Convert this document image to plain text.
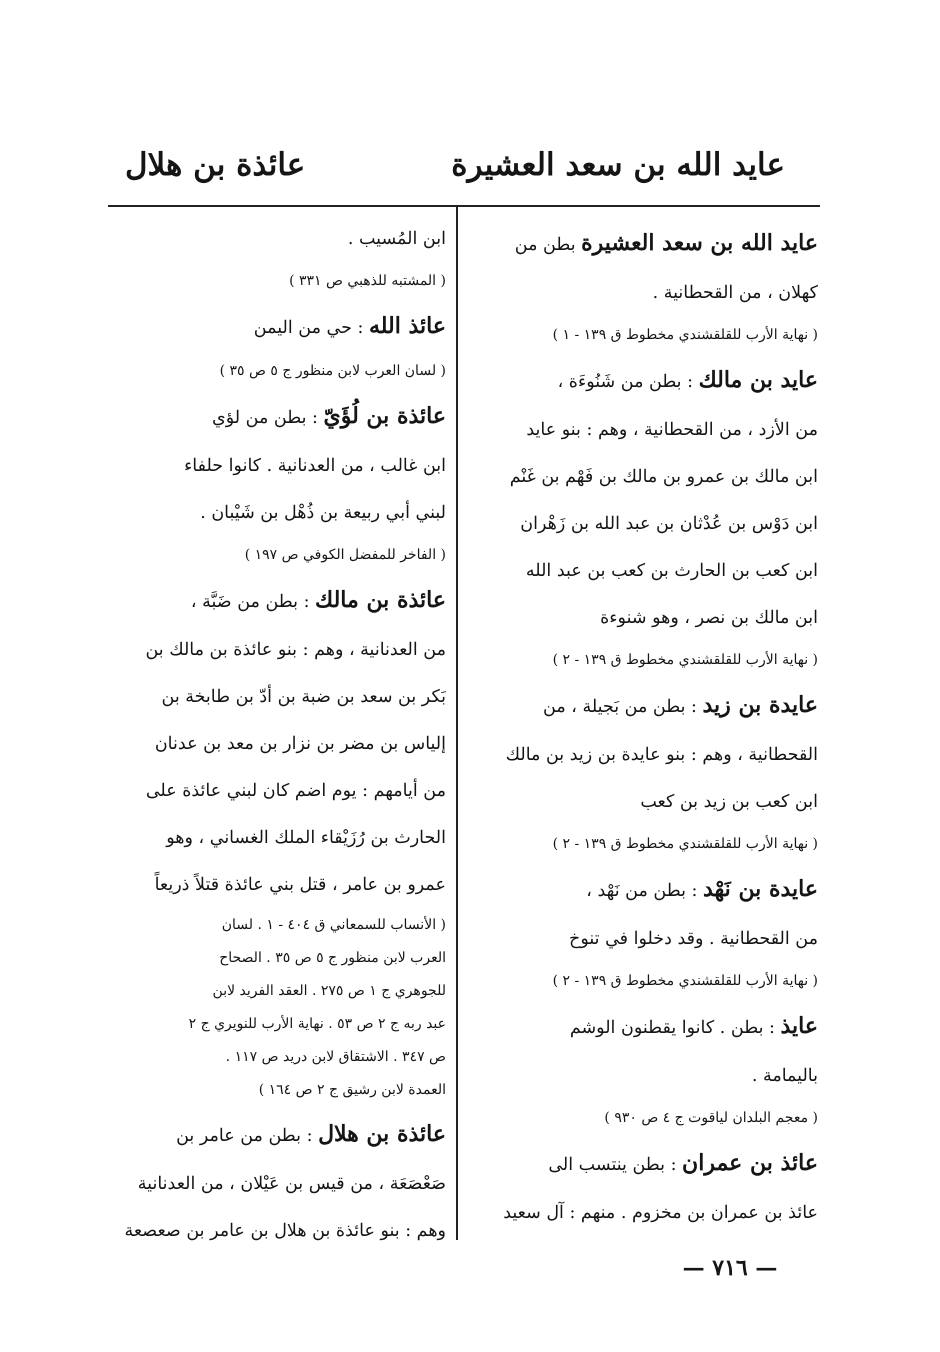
عايد الله بن سعد العشيرة
عائذة بن هلال
عايد الله بن سعد العشيرة بطن من
كهلان ، من القحطانية .
( نهاية الأرب للقلقشندي مخطوط ق ١٣٩ - ١ )
عايد بن مالك : بطن من شَنُوءَة ،
من الأزد ، من القحطانية ، وهم : بنو عايد
ابن مالك بن عمرو بن مالك بن فَهْم بن غَنْم
ابن دَوْس بن عُدْثان بن عبد الله بن زَهْران
ابن كعب بن الحارث بن كعب بن عبد الله
ابن مالك بن نصر ، وهو شنوءة
( نهاية الأرب للقلقشندي مخطوط ق ١٣٩ - ٢ )
عايدة بن زيد : بطن من بَجيلة ، من
القحطانية ، وهم : بنو عايدة بن زيد بن مالك
ابن كعب بن زيد بن كعب
( نهاية الأرب للقلقشندي مخطوط ق ١٣٩ - ٢ )
عايدة بن نَهْد : بطن من نَهْد ،
من القحطانية . وقد دخلوا في تنوخ
( نهاية الأرب للقلقشندي مخطوط ق ١٣٩ - ٢ )
عايذ : بطن . كانوا يقطنون الوشم
باليمامة .
( معجم البلدان لياقوت ج ٤ ص ٩٣٠ )
عائذ بن عمران : بطن ينتسب الى
عائذ بن عمران بن مخزوم . منهم : آل سعيد
ابن المُسيب .
( المشتبه للذهبي ص ٣٣١ )
عائذ الله : حي من اليمن
( لسان العرب لابن منظور ج ٥ ص ٣٥ )
عائذة بن لُؤَيّ : بطن من لؤي
ابن غالب ، من العدنانية . كانوا حلفاء
لبني أبي ربيعة بن ذُهْل بن شَيْبان .
( الفاخر للمفضل الكوفي ص ١٩٧ )
عائذة بن مالك : بطن من ضَبَّة ،
من العدنانية ، وهم : بنو عائذة بن مالك بن
بَكر بن سعد بن ضبة بن أدّ بن طابخة بن
إلياس بن مضر بن نزار بن معد بن عدنان
من أيامهم : يوم اضم كان لبني عائذة على
الحارث بن رُزَيْقاء الملك الغساني ، وهو
عمرو بن عامر ، قتل بني عائذة قتلاً ذريعاً
( الأنساب للسمعاني ق ٤٠٤ - ١ . لسان
العرب لابن منظور ج ٥ ص ٣٥ . الصحاح
للجوهري ج ١ ص ٢٧٥ . العقد الفريد لابن
عبد ربه ج ٢ ص ٥٣ . نهاية الأرب للنويري ج ٢
ص ٣٤٧ . الاشتقاق لابن دريد ص ١١٧ .
العمدة لابن رشيق ج ٢ ص ١٦٤ )
عائذة بن هلال : بطن من عامر بن
صَعْصَعَة ، من قيس بن عَيْلان ، من العدنانية
وهم : بنو عائذة بن هلال بن عامر بن صعصعة
— ٧١٦ —
